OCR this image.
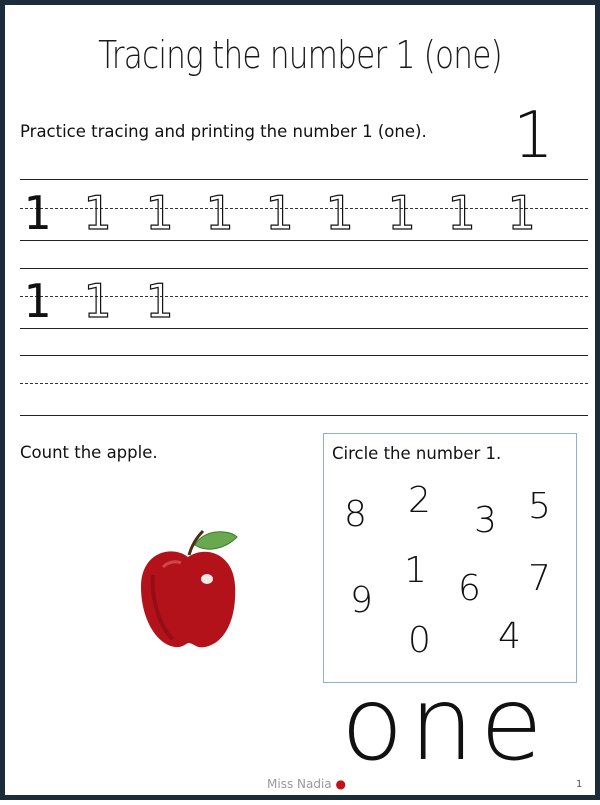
Tracing the number 1 (one)
Practice tracing and printing the number 1 (one). 1
1 1 1 1 1 1 1 1 1
1 1 1
Count the apple.	Circle the number 1.
8 2 3 5
1
9 6 7
0 4
one
Miss Nadia ●	1
